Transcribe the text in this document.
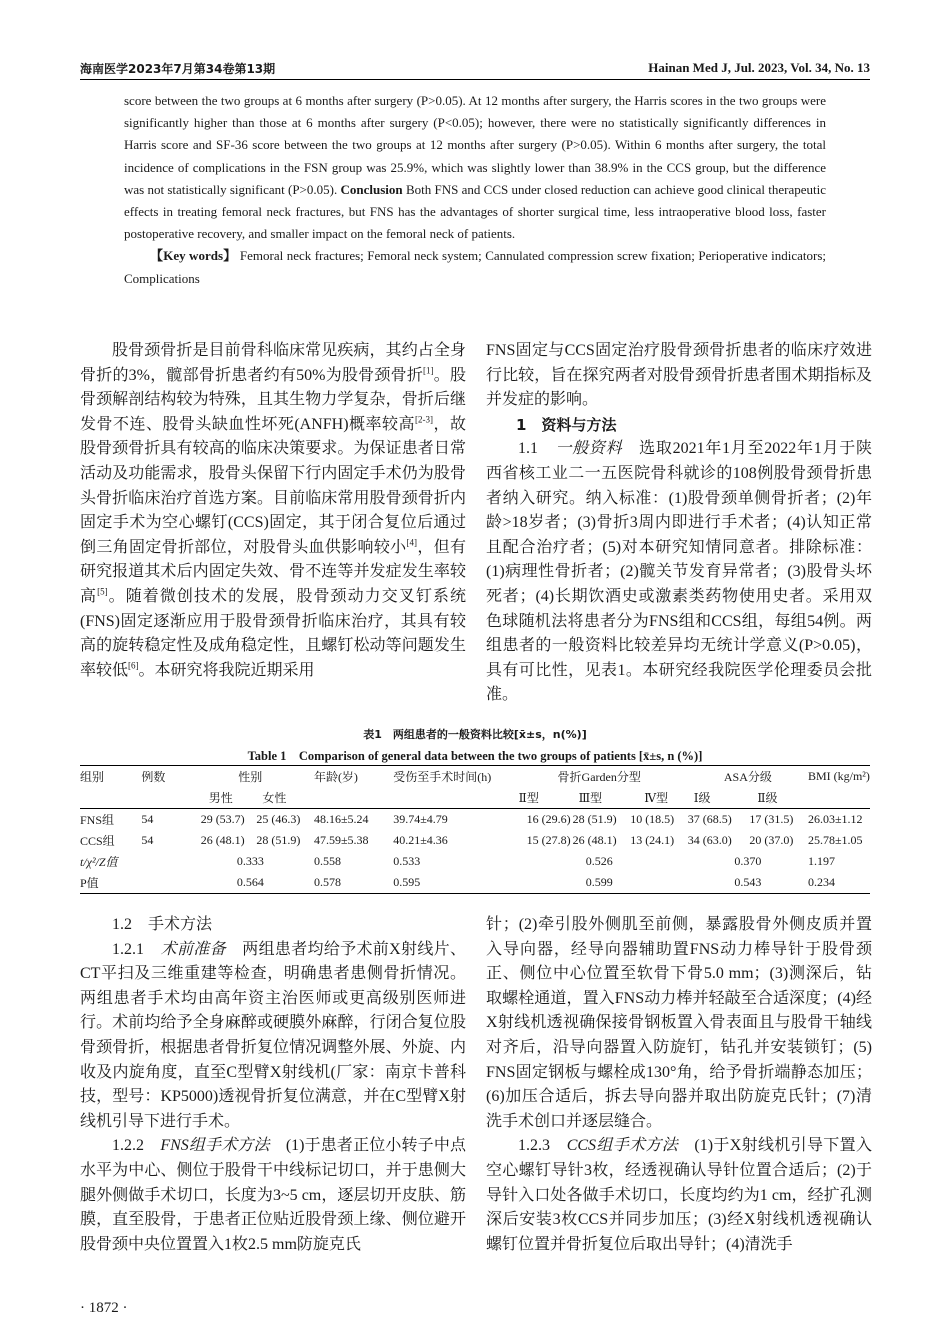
海南医学2023年7月第34卷第13期	Hainan Med J, Jul. 2023, Vol. 34, No. 13
score between the two groups at 6 months after surgery (P>0.05). At 12 months after surgery, the Harris scores in the two groups were significantly higher than those at 6 months after surgery (P<0.05); however, there were no statistically significantly differences in Harris score and SF-36 score between the two groups at 12 months after surgery (P>0.05). Within 6 months after surgery, the total incidence of complications in the FSN group was 25.9%, which was slightly lower than 38.9% in the CCS group, but the difference was not statistically significant (P>0.05). Conclusion Both FNS and CCS under closed reduction can achieve good clinical therapeutic effects in treating femoral neck fractures, but FNS has the advantages of shorter surgical time, less intraoperative blood loss, faster postoperative recovery, and smaller impact on the femoral neck of patients.
【Key words】 Femoral neck fractures; Femoral neck system; Cannulated compression screw fixation; Perioperative indicators; Complications

股骨颈骨折是目前骨科临床常见疾病，其约占全身骨折的3%，髋部骨折患者约有50%为股骨颈骨折[1]。股骨颈解剖结构较为特殊，且其生物力学复杂，骨折后继发骨不连、股骨头缺血性坏死(ANFH)概率较高[2-3]，故股骨颈骨折具有较高的临床决策要求。为保证患者日常活动及功能需求，股骨头保留下行内固定手术仍为股骨头骨折临床治疗首选方案。目前临床常用股骨颈骨折内固定手术为空心螺钉(CCS)固定，其于闭合复位后通过倒三角固定骨折部位，对股骨头血供影响较小[4]，但有研究报道其术后内固定失效、骨不连等并发症发生率较高[5]。随着微创技术的发展，股骨颈动力交叉钉系统(FNS)固定逐渐应用于股骨颈骨折临床治疗，其具有较高的旋转稳定性及成角稳定性，且螺钉松动等问题发生率较低[6]。本研究将我院近期采用

FNS固定与CCS固定治疗股骨颈骨折患者的临床疗效进行比较，旨在探究两者对股骨颈骨折患者围术期指标及并发症的影响。

1　资料与方法

1.1　一般资料　 选取2021年1月至2022年1月于陕西省核工业二一五医院骨科就诊的108例股骨颈骨折患者纳入研究。纳入标准：(1)股骨颈单侧骨折者；(2)年龄>18岁者；(3)骨折3周内即进行手术者；(4)认知正常且配合治疗者；(5)对本研究知情同意者。排除标准：(1)病理性骨折者；(2)髋关节发育异常者；(3)股骨头坏死者；(4)长期饮酒史或激素类药物使用史者。采用双色球随机法将患者分为FNS组和CCS组，每组54例。两组患者的一般资料比较差异均无统计学意义(P>0.05)，具有可比性，见表1。本研究经我院医学伦理委员会批准。

表1　两组患者的一般资料比较[x̄±s，n(%)]
Table 1　Comparison of general data between the two groups of patients [x̄±s, n (%)]
组别	例数	性别		年龄(岁)	受伤至手术时间(h)	骨折Garden分型			ASA分级		BMI (kg/m²)
		男性	女性			Ⅱ型	Ⅲ型	Ⅳ型	Ⅰ级	Ⅱ级	
FNS组	54	29 (53.7)	25 (46.3)	48.16±5.24	39.74±4.79	16 (29.6)	28 (51.9)	10 (18.5)	37 (68.5)	17 (31.5)	26.03±1.12
CCS组	54	26 (48.1)	28 (51.9)	47.59±5.38	40.21±4.36	15 (27.8)	26 (48.1)	13 (24.1)	34 (63.0)	20 (37.0)	25.78±1.05
t/χ²/Z值		0.333		0.558	0.533	0.526			0.370		1.197
P值		0.564		0.578	0.595	0.599			0.543		0.234

1.2　手术方法

1.2.1　术前准备　 两组患者均给予术前X射线片、CT平扫及三维重建等检查，明确患者患侧骨折情况。两组患者手术均由高年资主治医师或更高级别医师进行。术前均给予全身麻醉或硬膜外麻醉，行闭合复位股骨颈骨折，根据患者骨折复位情况调整外展、外旋、内收及内旋角度，直至C型臂X射线机(厂家：南京卡普科技，型号：KP5000)透视骨折复位满意，并在C型臂X射线机引导下进行手术。

1.2.2　FNS组手术方法　 (1)于患者正位小转子中点水平为中心、侧位于股骨干中线标记切口，并于患侧大腿外侧做手术切口，长度为3~5 cm，逐层切开皮肤、筋膜，直至股骨，于患者正位贴近股骨颈上缘、侧位避开股骨颈中央位置置入1枚2.5 mm防旋克氏

针；(2)牵引股外侧肌至前侧，暴露股骨外侧皮质并置入导向器，经导向器辅助置FNS动力棒导针于股骨颈正、侧位中心位置至软骨下骨5.0 mm；(3)测深后，钻取螺栓通道，置入FNS动力棒并轻敲至合适深度；(4)经X射线机透视确保接骨钢板置入骨表面且与股骨干轴线对齐后，沿导向器置入防旋钉，钻孔并安装锁钉；(5) FNS固定钢板与螺栓成130°角，给予骨折端静态加压；(6)加压合适后，拆去导向器并取出防旋克氏针；(7)清洗手术创口并逐层缝合。

1.2.3　CCS组手术方法　 (1)于X射线机引导下置入空心螺钉导针3枚，经透视确认导针位置合适后；(2)于导针入口处各做手术切口，长度均约为1 cm，经扩孔测深后安装3枚CCS并同步加压；(3)经X射线机透视确认螺钉位置并骨折复位后取出导针；(4)清洗手

· 1872 ·
